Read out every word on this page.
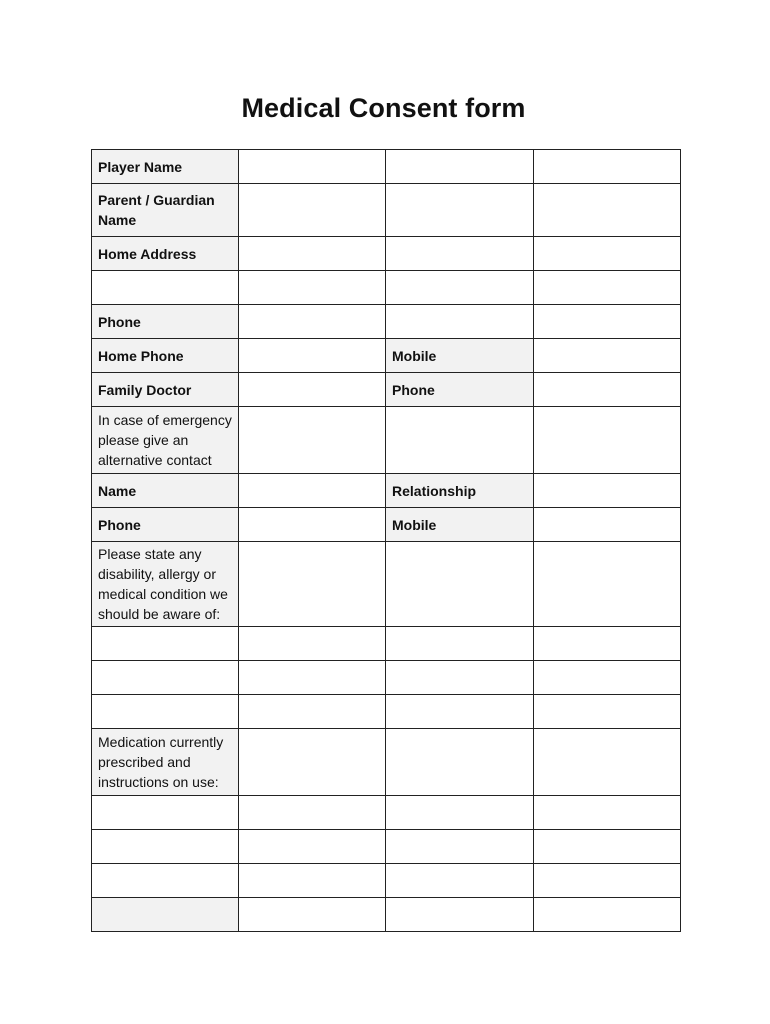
Medical Consent form
Player Name			
Parent / Guardian Name			
Home Address			

Phone			
Home Phone		Mobile	
Family Doctor		Phone	
In case of emergency please give an alternative contact			
Name		Relationship	
Phone		Mobile	
Please state any disability, allergy or medical condition we should be aware of:			

Medication currently prescribed and instructions on use:			
